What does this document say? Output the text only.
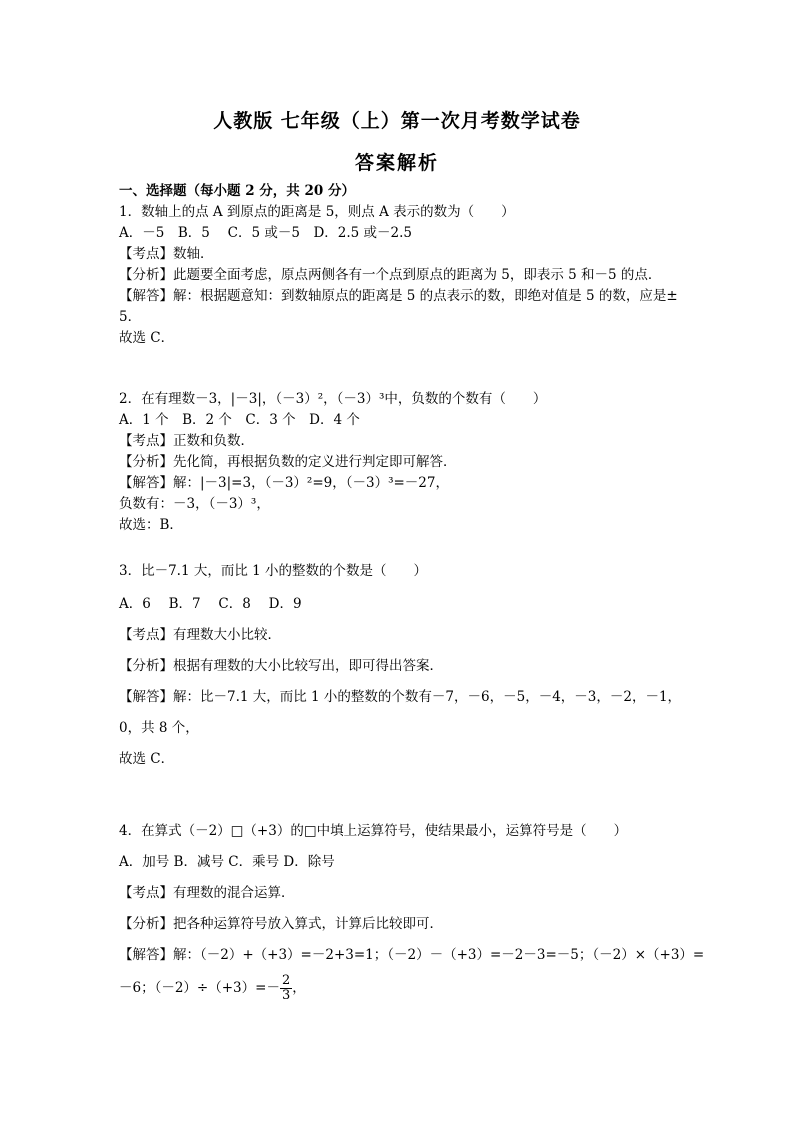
人教版 七年级（上）第一次月考数学试卷
答案解析
一、选择题（每小题 2 分，共 20 分）
1．数轴上的点 A 到原点的距离是 5，则点 A 表示的数为（　　）
A．－5　B．5　 C．5 或－5　D．2.5 或－2.5
【考点】数轴．
【分析】此题要全面考虑，原点两侧各有一个点到原点的距离为 5，即表示 5 和－5 的点．
【解答】解：根据题意知：到数轴原点的距离是 5 的点表示的数，即绝对值是 5 的数，应是±
5．
故选 C．
2．在有理数－3，|－3|，（－3）²，（－3）³中，负数的个数有（　　）
A．1 个　B．2 个　C．3 个　D．4 个
【考点】正数和负数．
【分析】先化简，再根据负数的定义进行判定即可解答．
【解答】解：|－3|=3，（－3）²=9，（－3）³=－27，
负数有：－3，（－3）³，
故选：B．
3．比－7.1 大，而比 1 小的整数的个数是（　　）
A．6　 B．7　 C．8　 D．9
【考点】有理数大小比较．
【分析】根据有理数的大小比较写出，即可得出答案．
【解答】解：比－7.1 大，而比 1 小的整数的个数有－7，－6，－5，－4，－3，－2，－1，
0，共 8 个，
故选 C．
4．在算式（－2）□（+3）的□中填上运算符号，使结果最小，运算符号是（　　）
A．加号 B．减号 C．乘号 D．除号
【考点】有理数的混合运算．
【分析】把各种运算符号放入算式，计算后比较即可．
【解答】解：（－2）+（+3）=－2+3=1；（－2）－（+3）=－2－3=－5；（－2）×（+3）=
－6；$(-2)\div(+3)=- \frac{2}{3}$ ，
